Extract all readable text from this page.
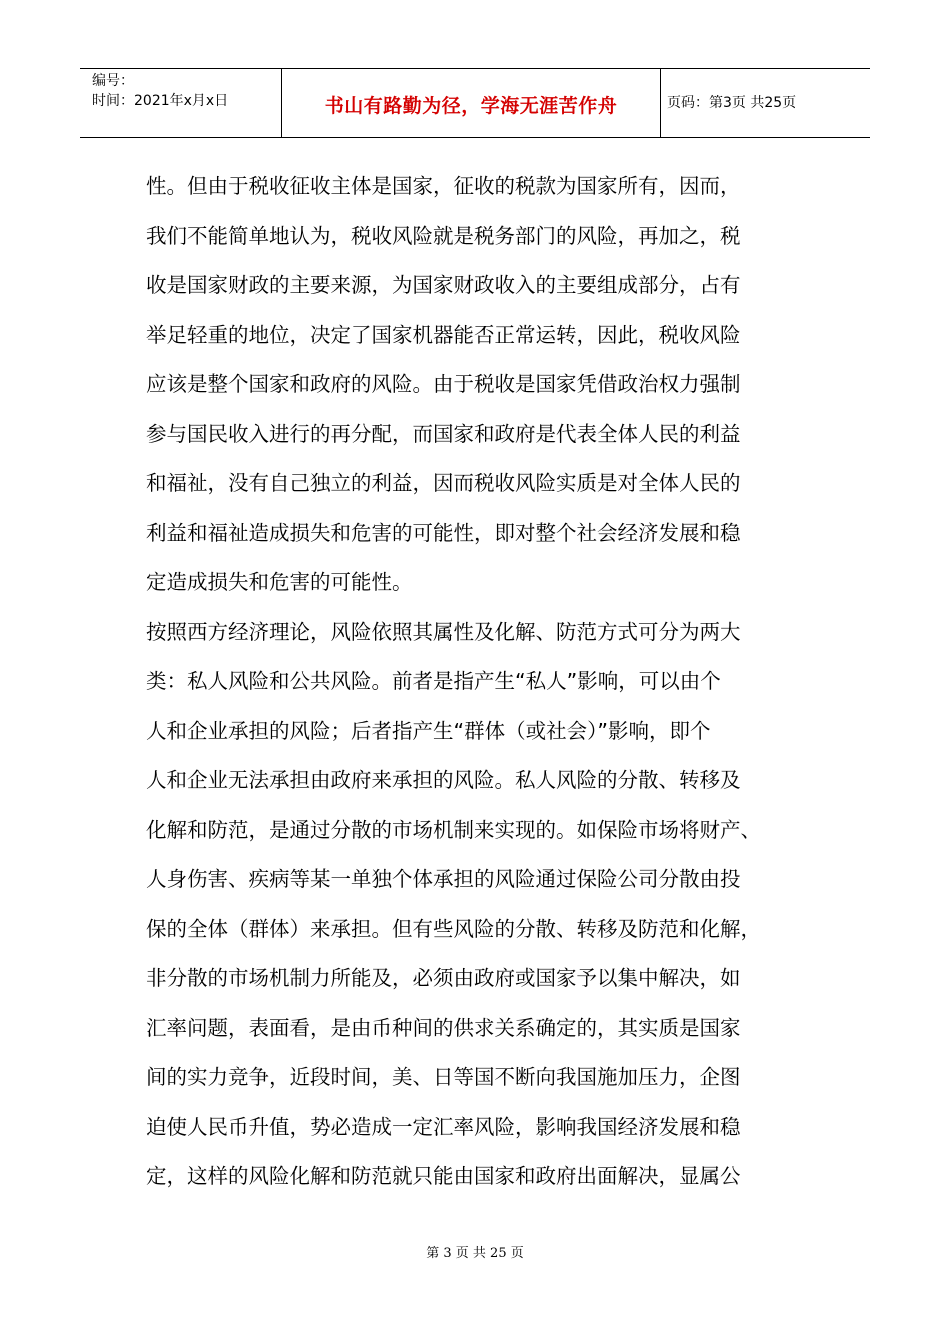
编号：
时间：2021年x月x日	书山有路勤为径，学海无涯苦作舟	页码：第3页 共25页
性。但由于税收征收主体是国家，征收的税款为国家所有，因而，
我们不能简单地认为，税收风险就是税务部门的风险，再加之，税
收是国家财政的主要来源，为国家财政收入的主要组成部分，占有
举足轻重的地位，决定了国家机器能否正常运转，因此，税收风险
应该是整个国家和政府的风险。由于税收是国家凭借政治权力强制
参与国民收入进行的再分配，而国家和政府是代表全体人民的利益
和福祉，没有自己独立的利益，因而税收风险实质是对全体人民的
利益和福祉造成损失和危害的可能性，即对整个社会经济发展和稳
定造成损失和危害的可能性。
按照西方经济理论，风险依照其属性及化解、防范方式可分为两大
类：私人风险和公共风险。前者是指产生“私人”影响，可以由个
人和企业承担的风险；后者指产生“群体（或社会）”影响，即个
人和企业无法承担由政府来承担的风险。私人风险的分散、转移及
化解和防范，是通过分散的市场机制来实现的。如保险市场将财产、
人身伤害、疾病等某一单独个体承担的风险通过保险公司分散由投
保的全体（群体）来承担。但有些风险的分散、转移及防范和化解，
非分散的市场机制力所能及，必须由政府或国家予以集中解决，如
汇率问题，表面看，是由币种间的供求关系确定的，其实质是国家
间的实力竞争，近段时间，美、日等国不断向我国施加压力，企图
迫使人民币升值，势必造成一定汇率风险，影响我国经济发展和稳
定，这样的风险化解和防范就只能由国家和政府出面解决，显属公
第 3 页 共 25 页
